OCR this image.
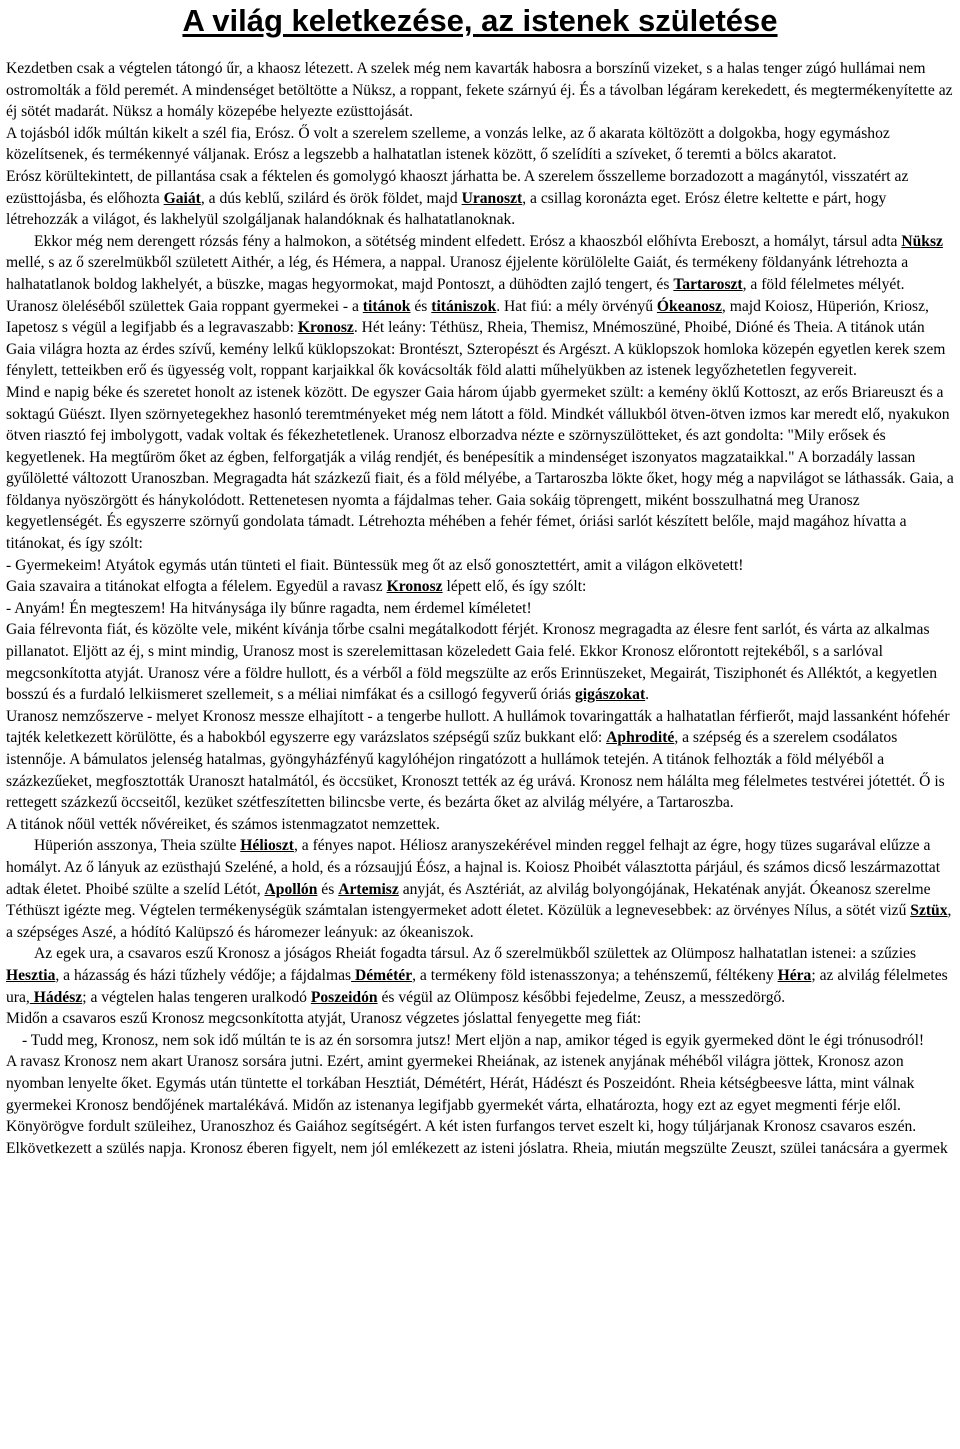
A világ keletkezése, az istenek születése

Kezdetben csak a végtelen tátongó űr, a khaosz létezett. A szelek még nem kavarták habosra a borszínű vizeket, s a halas tenger zúgó hullámai nem ostromolták a föld peremét. A mindenséget betöltötte a Nüksz, a roppant, fekete szárnyú éj. És a távolban légáram kerekedett, és megtermékenyítette az éj sötét madarát. Nüksz a homály közepébe helyezte ezüsttojását.

A tojásból idők múltán kikelt a szél fia, Erósz. Ő volt a szerelem szelleme, a vonzás lelke, az ő akarata költözött a dolgokba, hogy egymáshoz közelítsenek, és termékennyé váljanak. Erósz a legszebb a halhatatlan istenek között, ő szelídíti a szíveket, ő teremti a bölcs akaratot.

Erósz körültekintett, de pillantása csak a féktelen és gomolygó khaoszt járhatta be. A szerelem ősszelleme borzadozott a magánytól, visszatért az ezüsttojásba, és előhozta Gaiát, a dús keblű, szilárd és örök földet, majd Uranoszt, a csillag koronázta eget. Erósz életre keltette e párt, hogy létrehozzák a világot, és lakhelyül szolgáljanak halandóknak és halhatatlanoknak.

Ekkor még nem derengett rózsás fény a halmokon, a sötétség mindent elfedett. Erósz a khaoszból előhívta Ereboszt, a homályt, társul adta Nüksz mellé, s az ő szerelmükből született Aithér, a lég, és Hémera, a nappal. Uranosz éjjelente körülölelte Gaiát, és termékeny földanyánk létrehozta a halhatatlanok boldog lakhelyét, a büszke, magas hegyormokat, majd Pontoszt, a dühödten zajló tengert, és Tartaroszt, a föld félelmetes mélyét. Uranosz öleléséből születtek Gaia roppant gyermekei - a titánok és titániszok. Hat fiú: a mély örvényű Ókeanosz, majd Koiosz, Hüperión, Kriosz, Iapetosz s végül a legifjabb és a legravaszabb: Kronosz. Hét leány: Téthüsz, Rheia, Themisz, Mnémoszüné, Phoibé, Dióné és Theia. A titánok után Gaia világra hozta az érdes szívű, kemény lelkű küklopszokat: Brontészt, Szteropészt és Argészt. A küklopszok homloka közepén egyetlen kerek szem fénylett, tetteikben erő és ügyesség volt, roppant karjaikkal ők kovácsolták föld alatti műhelyükben az istenek legyőzhetetlen fegyvereit.

Mind e napig béke és szeretet honolt az istenek között. De egyszer Gaia három újabb gyermeket szült: a kemény öklű Kottoszt, az erős Briareuszt és a soktagú Güészt. Ilyen szörnyetegekhez hasonló teremtményeket még nem látott a föld. Mindkét vállukból ötven-ötven izmos kar meredt elő, nyakukon ötven riasztó fej imbolygott, vadak voltak és fékezhetetlenek. Uranosz elborzadva nézte e szörnyszülötteket, és azt gondolta: "Mily erősek és kegyetlenek. Ha megtűröm őket az égben, felforgatják a világ rendjét, és benépesítik a mindenséget iszonyatos magzataikkal." A borzadály lassan gyűlöletté változott Uranoszban. Megragadta hát százkezű fiait, és a föld mélyébe, a Tartaroszba lökte őket, hogy még a napvilágot se láthassák. Gaia, a földanya nyöszörgött és hánykolódott. Rettenetesen nyomta a fájdalmas teher. Gaia sokáig töprengett, miként bosszulhatná meg Uranosz kegyetlenségét. És egyszerre szörnyű gondolata támadt. Létrehozta méhében a fehér fémet, óriási sarlót készített belőle, majd magához hívatta a titánokat, és így szólt:

- Gyermekeim! Atyátok egymás után tünteti el fiait. Büntessük meg őt az első gonosztettért, amit a világon elkövetett!

Gaia szavaira a titánokat elfogta a félelem. Egyedül a ravasz Kronosz lépett elő, és így szólt:

- Anyám! Én megteszem! Ha hitványsága ily bűnre ragadta, nem érdemel kíméletet!

Gaia félrevonta fiát, és közölte vele, miként kívánja tőrbe csalni megátalkodott férjét. Kronosz megragadta az élesre fent sarlót, és várta az alkalmas pillanatot. Eljött az éj, s mint mindig, Uranosz most is szerelemittasan közeledett Gaia felé. Ekkor Kronosz előrontott rejtekéből, s a sarlóval megcsonkította atyját. Uranosz vére a földre hullott, és a vérből a föld megszülte az erős Erinnüszeket, Megairát, Tisziphonét és Alléktót, a kegyetlen bosszú és a furdaló lelkiismeret szellemeit, s a méliai nimfákat és a csillogó fegyverű óriás gigászokat.

Uranosz nemzőszerve - melyet Kronosz messze elhajított - a tengerbe hullott. A hullámok tovaringatták a halhatatlan férfierőt, majd lassanként hófehér tajték keletkezett körülötte, és a habokból egyszerre egy varázslatos szépségű szűz bukkant elő: Aphrodité, a szépség és a szerelem csodálatos istennője. A bámulatos jelenség hatalmas, gyöngyházfényű kagylóhéjon ringatózott a hullámok tetején. A titánok felhozták a föld mélyéből a százkezűeket, megfosztották Uranoszt hatalmától, és öccsüket, Kronoszt tették az ég urává. Kronosz nem hálálta meg félelmetes testvérei jótettét. Ő is rettegett százkezű öccseitől, kezüket szétfeszítetten bilincsbe verte, és bezárta őket az alvilág mélyére, a Tartaroszba.

A titánok nőül vették nővéreiket, és számos istenmagzatot nemzettek.

Hüperión asszonya, Theia szülte Hélioszt, a fényes napot. Héliosz aranyszekérével minden reggel felhajt az égre, hogy tüzes sugarával elűzze a homályt. Az ő lányuk az ezüsthajú Szeléné, a hold, és a rózsaujjú Éósz, a hajnal is. Koiosz Phoibét választotta párjául, és számos dicső leszármazottat adtak életet. Phoibé szülte a szelíd Létót, Apollón és Artemisz anyját, és Asztériát, az alvilág bolyongójának, Hekaténak anyját. Ókeanosz szerelme Téthüszt igézte meg. Végtelen termékenységük számtalan istengyermeket adott életet. Közülük a legnevesebbek: az örvényes Nílus, a sötét vizű Sztüx, a szépséges Aszé, a hódító Kalüpszó és háromezer leányuk: az ókeaniszok.

Az egek ura, a csavaros eszű Kronosz a jóságos Rheiát fogadta társul. Az ő szerelmükből születtek az Olümposz halhatatlan istenei: a szűzies Hesztia, a házasság és házi tűzhely védője; a fájdalmas Démétér, a termékeny föld istenasszonya; a tehénszemű, féltékeny Héra; az alvilág félelmetes ura, Hádész; a végtelen halas tengeren uralkodó Poszeidón és végül az Olümposz későbbi fejedelme, Zeusz, a messzedörgő.

Midőn a csavaros eszű Kronosz megcsonkította atyját, Uranosz végzetes jóslattal fenyegette meg fiát:

- Tudd meg, Kronosz, nem sok idő múltán te is az én sorsomra jutsz! Mert eljön a nap, amikor téged is egyik gyermeked dönt le égi trónusodról!

A ravasz Kronosz nem akart Uranosz sorsára jutni. Ezért, amint gyermekei Rheiának, az istenek anyjának méhéből világra jöttek, Kronosz azon nyomban lenyelte őket. Egymás után tüntette el torkában Hesztiát, Démétért, Hérát, Hádészt és Poszeidónt. Rheia kétségbeesve látta, mint válnak gyermekei Kronosz bendőjének martalékává. Midőn az istenanya legifjabb gyermekét várta, elhatározta, hogy ezt az egyet megmenti férje elől. Könyörögve fordult szüleihez, Uranoszhoz és Gaiához segítségért. A két isten furfangos tervet eszelt ki, hogy túljárjanak Kronosz csavaros eszén. Elkövetkezett a szülés napja. Kronosz éberen figyelt, nem jól emlékezett az isteni jóslatra. Rheia, miután megszülte Zeuszt, szülei tanácsára a gyermek
